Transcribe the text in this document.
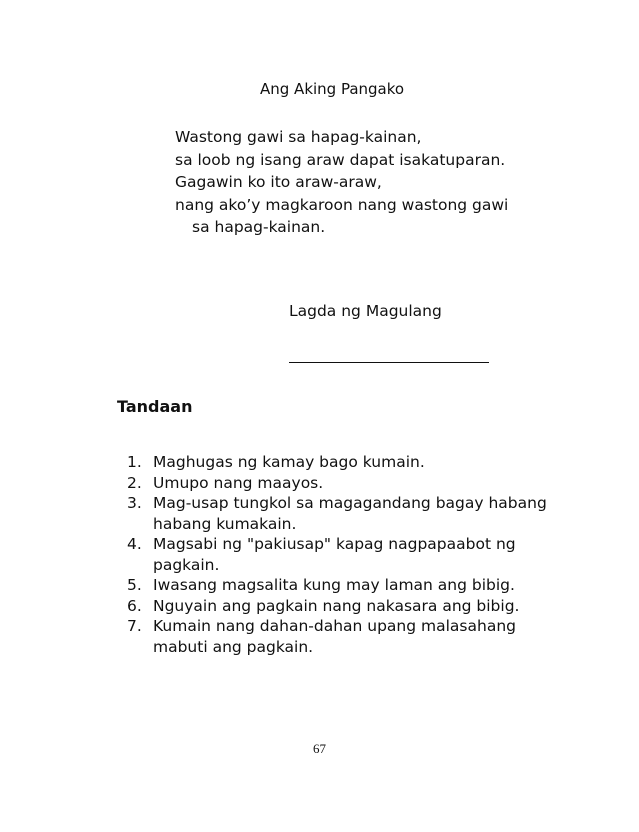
Ang Aking Pangako
Wastong gawi sa hapag-kainan,
sa loob ng isang araw dapat isakatuparan.
Gagawin ko ito araw-araw,
nang ako’y magkaroon nang wastong gawi
sa hapag-kainan.
Lagda ng Magulang
Tandaan
1. Maghugas ng kamay bago kumain.
2. Umupo nang maayos.
3. Mag-usap tungkol sa magagandang bagay habang habang kumakain.
4. Magsabi ng "pakiusap" kapag nagpapaabot ng pagkain.
5. Iwasang magsalita kung may laman ang bibig.
6. Nguyain ang pagkain nang nakasara ang bibig.
7. Kumain nang dahan-dahan upang malasahang mabuti ang pagkain.
67
